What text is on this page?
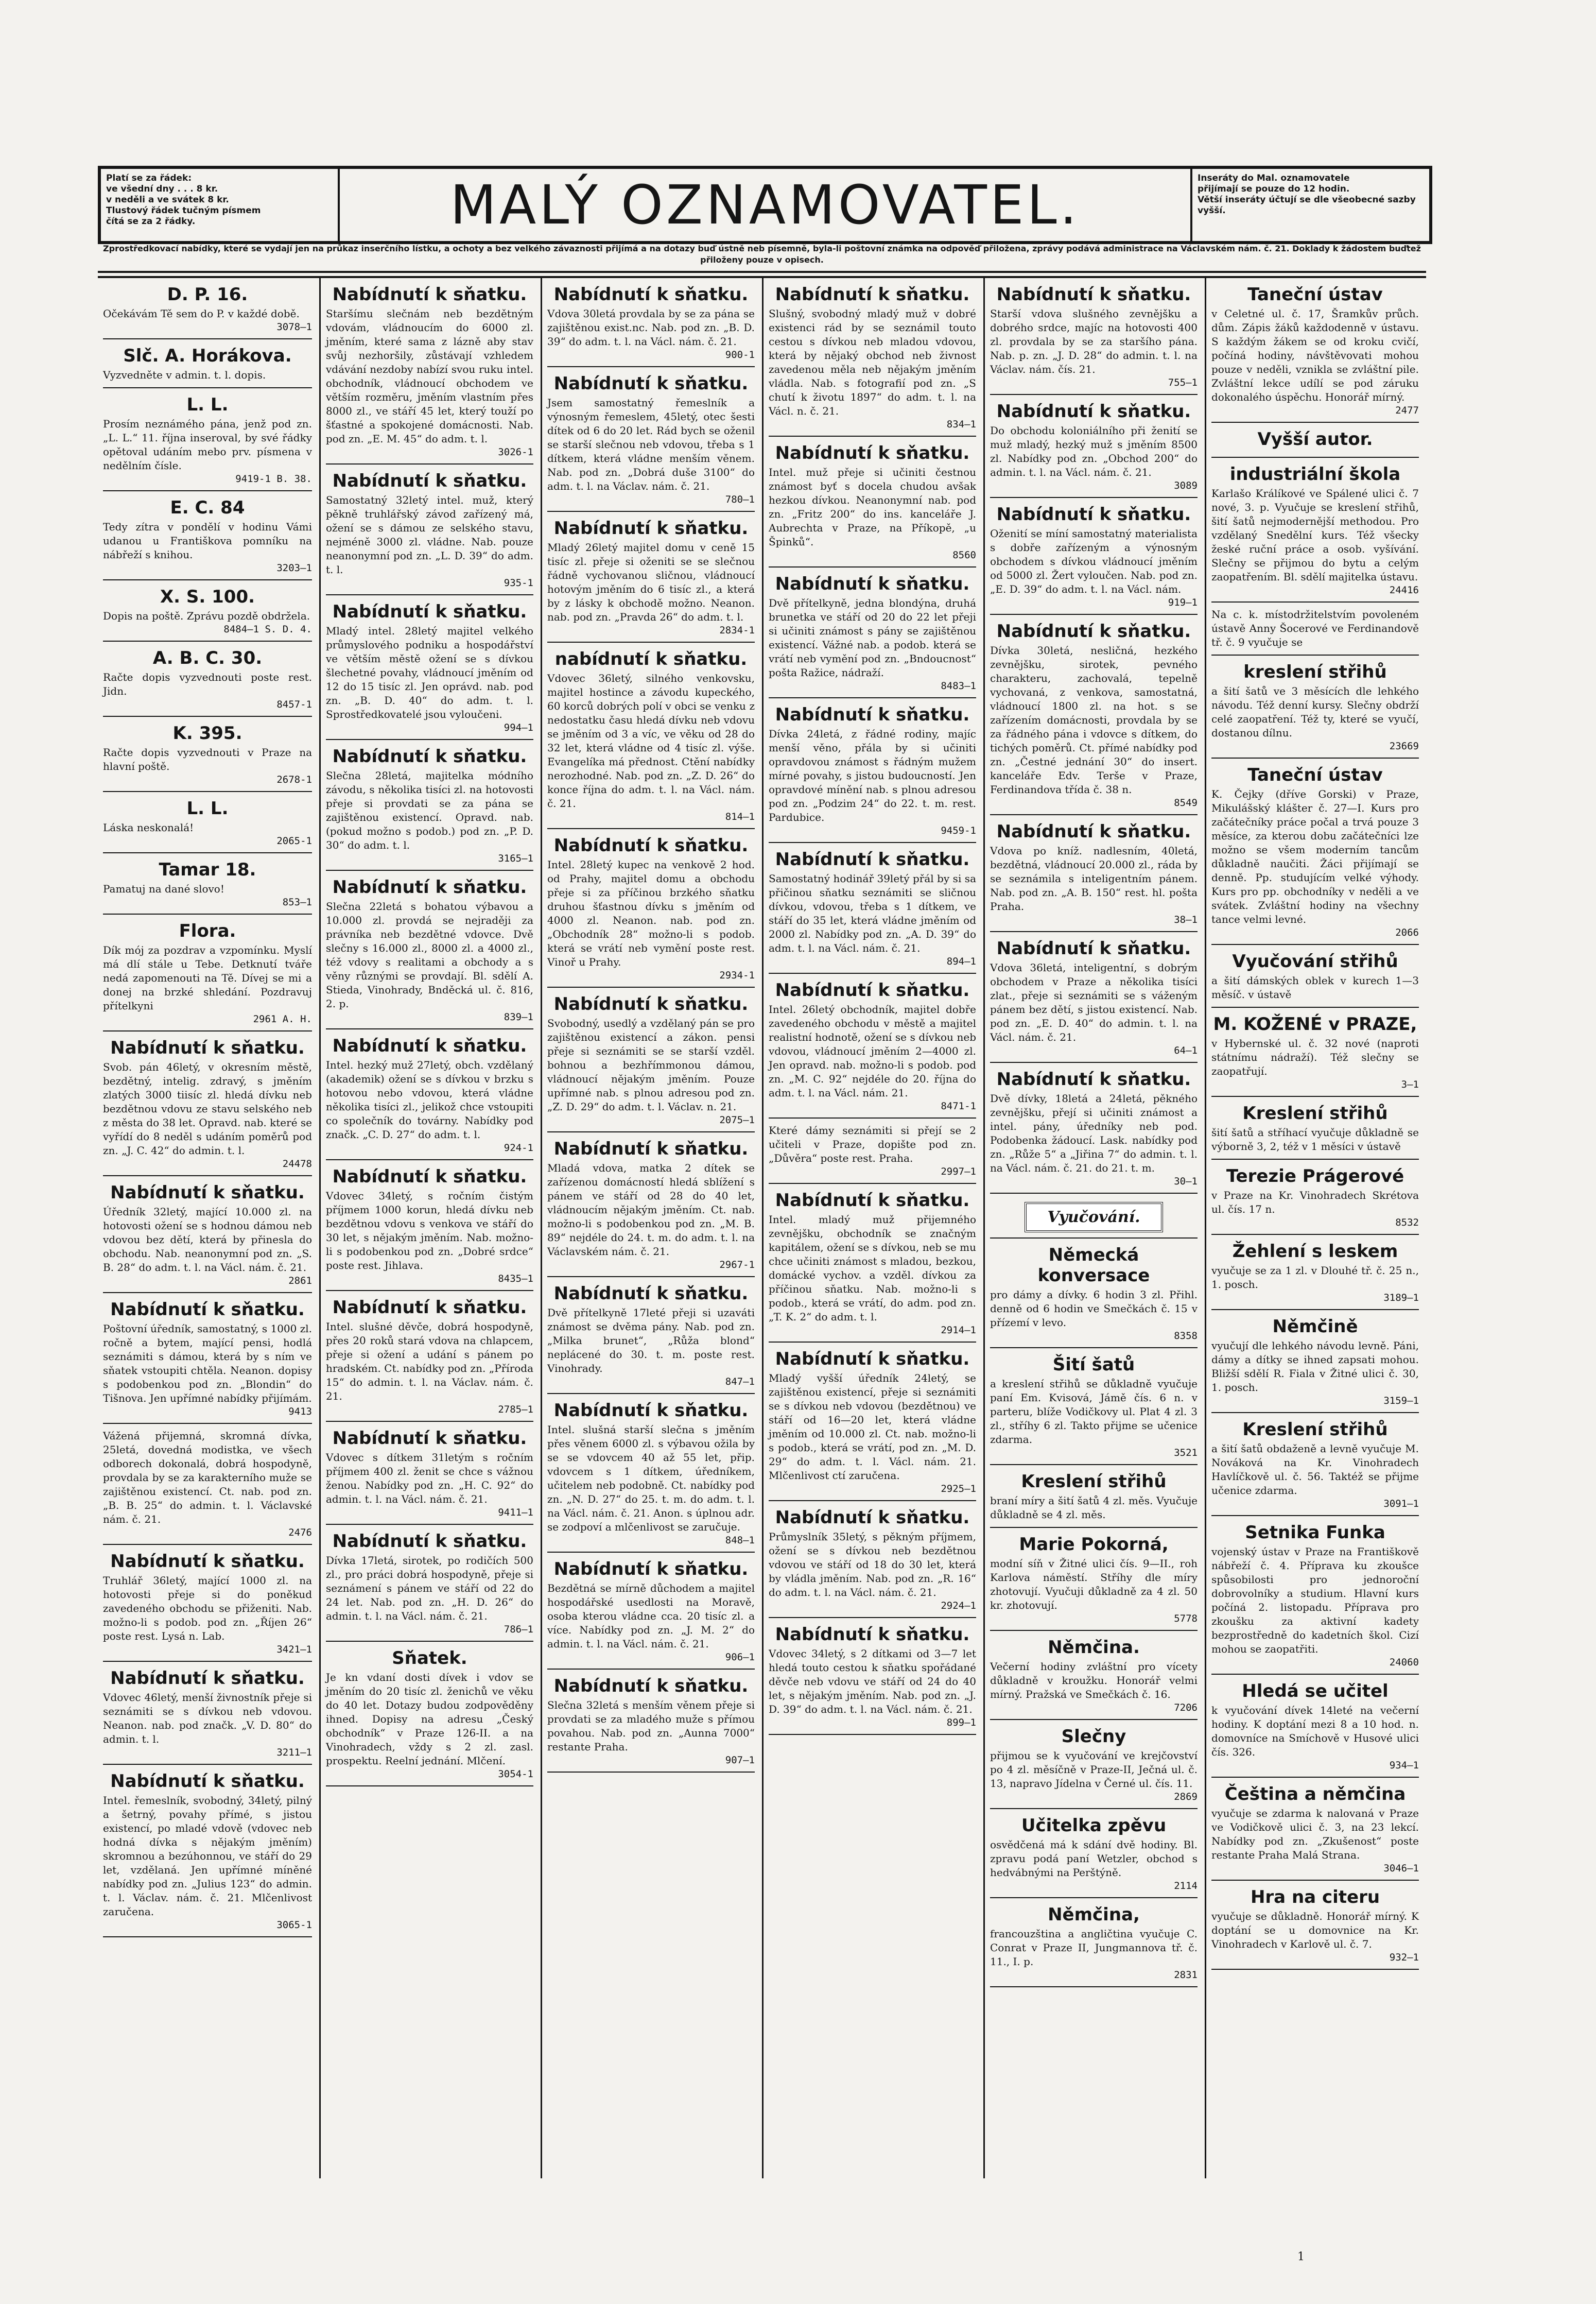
Platí se za řádek:
ve všední dny . . . 8 kr.
v neděli a ve svátek 8 kr.
Tlustový řádek tučným písmem
čítá se za 2 řádky.	MALÝ OZNAMOVATEL.	Inseráty do Mal. oznamovatele
přijímají se pouze do 12 hodin.
Větší inseráty účtují se dle všeobecné sazby vyšší.
Zprostředkovací nabídky, které se vydají jen na průkaz inserčního lístku, a ochoty a bez velkého závaznosti přijímá a na dotazy buď ústně neb písemně, byla-li poštovní známka na odpověď přiložena, zprávy podává administrace na Václavském nám. č. 21. Doklady k žádostem buďtež přiloženy pouze v opisech.
D. P. 16.
Očekávám Tě sem do P. v každé době.
3078—1
Slč. A. Horákova.
Vyzvedněte v admin. t. l. dopis.
L. L.
Prosím neznámého pána, jenž pod zn. „L. L.“ 11. října inseroval, by své řádky opětoval udáním mebo prv. písmena v nedělním čísle.
9419-1 B. 38.
E. C. 84
Tedy zítra v pondělí v hodinu Vámi udanou u Františkova pomníku na nábřeží s knihou.
3203—1
X. S. 100.
Dopis na poště. Zprávu pozdě obdržela.
8484—1 S. D. 4.
A. B. C. 30.
Račte dopis vyzvednouti poste rest. Jidn.
8457-1
K. 395.
Račte dopis vyzvednouti v Praze na hlavní poště.
2678-1
L. L.
Láska neskonalá!
2065-1
Tamar 18.
Pamatuj na dané slovo!
853—1
Flora.
Dík mój za pozdrav a vzpomínku. Myslí má dlí stále u Tebe. Detknutí tváře nedá zapomenouti na Tě. Dívej se mi a donej na brzké shledání. Pozdravuj přítelkyni
2961 A. H.
Nabídnutí k sňatku.
Svob. pán 46letý, v okresním městě, bezdětný, intelig. zdravý, s jměním zlatých 3000 tiisíc zl. hledá dívku neb bezdětnou vdovu ze stavu selského neb z města do 38 let. Opravd. nab. které se vyřídí do 8 neděl s udáním poměrů pod zn. „J. C. 42“ do admin. t. l.
24478
Nabídnutí k sňatku.
Úředník 32letý, mající 10.000 zl. na hotovosti ožení se s hodnou dámou neb vdovou bez dětí, která by přinesla do obchodu. Nab. neanonymní pod zn. „S. B. 28“ do adm. t. l. na Václ. nám. č. 21.
2861
Nabídnutí k sňatku.
Poštovní úředník, samostatný, s 1000 zl. ročně a bytem, mající pensi, hodlá seznámiti s dámou, která by s ním ve sňatek vstoupiti chtěla. Neanon. dopisy s podobenkou pod zn. „Blondin“ do Tišnova. Jen upřímné nabídky přijímám.
9413
Vážená přijemná, skromná dívka, 25letá, dovedná modistka, ve všech odborech dokonalá, dobrá hospodyně, provdala by se za karakterního muže se zajištěnou existencí. Ct. nab. pod zn. „B. B. 25“ do admin. t. l. Václavské nám. č. 21.
2476
Nabídnutí k sňatku.
Truhlář 36letý, mající 1000 zl. na hotovosti přeje si do poněkud zavedeného obchodu se přiženiti. Nab. možno-li s podob. pod zn. „Říjen 26“ poste rest. Lysá n. Lab.
3421—1
Nabídnutí k sňatku.
Vdovec 46letý, menší živnostník přeje si seznámiti se s dívkou neb vdovou. Neanon. nab. pod značk. „V. D. 80“ do admin. t. l.
3211—1
Nabídnutí k sňatku.
Intel. řemeslník, svobodný, 34letý, pilný a šetrný, povahy přímé, s jistou existencí, po mladé vdově (vdovec neb hodná dívka s nějakým jměním) skromnou a bezúhonnou, ve stáří do 29 let, vzdělaná. Jen upřímné míněné nabídky pod zn. „Julius 123“ do admin. t. l. Václav. nám. č. 21. Mlčenlivost zaručena.
3065-1
Nabídnutí k sňatku.
Staršímu slečnám neb bezdětným vdovám, vládnoucím do 6000 zl. jměním, které sama z lázně aby stav svůj nezhoršily, zůstávají vzhledem vdávání nezdoby nabízí svou ruku intel. obchodník, vládnoucí obchodem ve větším rozměru, jměním vlastním přes 8000 zl., ve stáří 45 let, který touží po šťastné a spokojené domácnosti. Nab. pod zn. „E. M. 45“ do adm. t. l.
3026-1
Nabídnutí k sňatku.
Samostatný 32letý intel. muž, který pěkně truhlářský závod zařízený má, ožení se s dámou ze selského stavu, nejméně 3000 zl. vládne. Nab. pouze neanonymní pod zn. „L. D. 39“ do adm. t. l.
935-1
Nabídnutí k sňatku.
Mladý intel. 28letý majitel velkého průmyslového podniku a hospodářství ve větším městě ožení se s dívkou šlechetné povahy, vládnoucí jměním od 12 do 15 tisíc zl. Jen oprávd. nab. pod zn. „B. D. 40“ do adm. t. l. Sprostředkovatelé jsou vyloučeni.
994—1
Nabídnutí k sňatku.
Slečna 28letá, majitelka módního závodu, s několika tisíci zl. na hotovosti přeje si provdati se za pána se zajištěnou existencí. Opravd. nab. (pokud možno s podob.) pod zn. „P. D. 30“ do adm. t. l.
3165—1
Nabídnutí k sňatku.
Slečna 22letá s bohatou výbavou a 10.000 zl. provdá se nejraději za právníka neb bezdětné vdovce. Dvě slečny s 16.000 zl., 8000 zl. a 4000 zl., též vdovy s realitami a obchody a s věny různými se provdají. Bl. sdělí A. Stieda, Vinohrady, Bnděcká ul. č. 816, 2. p.
839—1
Nabídnutí k sňatku.
Intel. hezký muž 27letý, obch. vzdělaný (akademik) ožení se s dívkou v brzku s hotovou nebo vdovou, která vládne několika tisíci zl., jelikož chce vstoupiti co společník do továrny. Nabídky pod značk. „C. D. 27“ do adm. t. l.
924-1
Nabídnutí k sňatku.
Vdovec 34letý, s ročním čistým příjmem 1000 korun, hledá dívku neb bezdětnou vdovu s venkova ve stáří do 30 let, s nějakým jměním. Nab. možno-li s podobenkou pod zn. „Dobré srdce“ poste rest. Jihlava.
8435—1
Nabídnutí k sňatku.
Intel. slušné děvče, dobrá hospodyně, přes 20 roků stará vdova na chlapcem, přeje si ožení a udání s pánem po hradském. Ct. nabídky pod zn. „Příroda 15“ do admin. t. l. na Václav. nám. č. 21.
2785—1
Nabídnutí k sňatku.
Vdovec s dítkem 31letým s ročním příjmem 400 zl. ženit se chce s vážnou ženou. Nabídky pod zn. „H. C. 92“ do admin. t. l. na Václ. nám. č. 21.
9411—1
Nabídnutí k sňatku.
Dívka 17letá, sirotek, po rodičích 500 zl., pro práci dobrá hospodyně, přeje si seznámení s pánem ve stáří od 22 do 24 let. Nab. pod zn. „H. D. 26“ do admin. t. l. na Václ. nám. č. 21.
786—1
Sňatek.
Je kn vdaní dosti dívek i vdov se jměním do 20 tisíc zl. ženichů ve věku do 40 let. Dotazy budou zodpověděny ihned. Dopisy na adresu „Český obchodník“ v Praze 126-II. a na Vinohradech, vždy s 2 zl. zasl. prospektu. Reelní jednání. Mlčení.
3054-1
Nabídnutí k sňatku.
Vdova 30letá provdala by se za pána se zajištěnou exist.nc. Nab. pod zn. „B. D. 39“ do adm. t. l. na Václ. nám. č. 21.
900-1
Nabídnutí k sňatku.
Jsem samostatný řemeslník a výnosným řemeslem, 45letý, otec šesti dítek od 6 do 20 let. Rád bych se oženil se starší slečnou neb vdovou, třeba s 1 dítkem, která vládne menším věnem. Nab. pod zn. „Dobrá duše 3100“ do adm. t. l. na Václav. nám. č. 21.
780—1
Nabídnutí k sňatku.
Mladý 26letý majitel domu v ceně 15 tisíc zl. přeje si oženiti se se slečnou řádně vychovanou sličnou, vládnoucí hotovým jměním do 6 tisíc zl., a která by z lásky k obchodě možno. Neanon. nab. pod zn. „Pravda 26“ do adm. t. l.
2834-1
nabídnutí k sňatku.
Vdovec 36letý, silného venkovsku, majitel hostince a závodu kupeckého, 60 korců dobrých polí v obci se venku z nedostatku času hledá dívku neb vdovu se jměním od 3 a víc, ve věku od 28 do 32 let, která vládne od 4 tisíc zl. výše. Evangelíka má přednost. Ctění nabídky nerozhodné. Nab. pod zn. „Z. D. 26“ do konce října do adm. t. l. na Václ. nám. č. 21.
814—1
Nabídnutí k sňatku.
Intel. 28letý kupec na venkově 2 hod. od Prahy, majitel domu a obchodu přeje si za příčinou brzkého sňatku druhou šťastnou dívku s jměním od 4000 zl. Neanon. nab. pod zn. „Obchodník 28“ možno-li s podob. která se vrátí neb vymění poste rest. Vinoř u Prahy.
2934-1
Nabídnutí k sňatku.
Svobodný, usedlý a vzdělaný pán se pro zajištěnou existencí a zákon. pensi přeje si seznámiti se se starší vzděl. bohnou a bezhřímmonou dámou, vládnoucí nějakým jměním. Pouze upřímné nab. s plnou adresou pod zn. „Z. D. 29“ do adm. t. l. Václav. n. 21.
2075—1
Nabídnutí k sňatku.
Mladá vdova, matka 2 dítek se zařízenou domácností hledá sblížení s pánem ve stáří od 28 do 40 let, vládnoucím nějakým jměním. Ct. nab. možno-li s podobenkou pod zn. „M. B. 89“ nejdéle do 24. t. m. do adm. t. l. na Václavském nám. č. 21.
2967-1
Nabídnutí k sňatku.
Dvě přítelkyně 17leté přeji si uzaváti známost se dvěma pány. Nab. pod zn. „Milka brunet“, „Růža blond“ neplácené do 30. t. m. poste rest. Vinohrady.
847—1
Nabídnutí k sňatku.
Intel. slušná starší slečna s jměním přes věnem 6000 zl. s výbavou ožila by se se vdovcem 40 až 55 let, přip. vdovcem s 1 dítkem, úředníkem, učitelem neb podobně. Ct. nabídky pod zn. „N. D. 27“ do 25. t. m. do adm. t. l. na Václ. nám. č. 21. Anon. s úplnou adr. se zodpoví a mlčenlivost se zaručuje.
848—1
Nabídnutí k sňatku.
Bezdětná se mírně důchodem a majitel hospodářské usedlosti na Moravě, osoba kterou vládne cca. 20 tisíc zl. a více. Nabídky pod zn. „J. M. 2“ do admin. t. l. na Václ. nám. č. 21.
906—1
Nabídnutí k sňatku.
Slečna 32letá s menším věnem přeje si provdati se za mladého muže s přímou povahou. Nab. pod zn. „Aunna 7000“ restante Praha.
907—1
Nabídnutí k sňatku.
Slušný, svobodný mladý muž v dobré existenci rád by se seznámil touto cestou s dívkou neb mladou vdovou, která by nějaký obchod neb živnost zavedenou měla neb nějakým jměním vládla. Nab. s fotografií pod zn. „S chutí k životu 1897“ do adm. t. l. na Václ. n. č. 21.
834—1
Nabídnutí k sňatku.
Intel. muž přeje si učiniti čestnou známost byť s docela chudou avšak hezkou dívkou. Neanonymní nab. pod zn. „Fritz 200“ do ins. kanceláře J. Aubrechta v Praze, na Příkopě, „u Špinků“.
8560
Nabídnutí k sňatku.
Dvě přítelkyně, jedna blondýna, druhá brunetka ve stáří od 20 do 22 let přeji si učiniti známost s pány se zajištěnou existencí. Vážné nab. a podob. která se vrátí neb vymění pod zn. „Bndoucnost“ pošta Ražice, nádraží.
8483—1
Nabídnutí k sňatku.
Dívka 24letá, z řádné rodiny, majíc menší věno, přála by si učiniti opravdovou známost s řádným mužem mírné povahy, s jistou budoucností. Jen opravdové mínění nab. s plnou adresou pod zn. „Podzim 24“ do 22. t. m. rest. Pardubice.
9459-1
Nabídnutí k sňatku.
Samostatný hodinář 39letý přál by si sa přičinou sňatku seznámiti se sličnou dívkou, vdovou, třeba s 1 dítkem, ve stáří do 35 let, která vládne jměním od 2000 zl. Nabídky pod zn. „A. D. 39“ do adm. t. l. na Václ. nám. č. 21.
894—1
Nabídnutí k sňatku.
Intel. 26letý obchodník, majitel dobře zavedeného obchodu v městě a majitel realistní hodnotě, ožení se s dívkou neb vdovou, vládnoucí jměním 2—4000 zl. Jen opravd. nab. možno-li s podob. pod zn. „M. C. 92“ nejdéle do 20. října do adm. t. l. na Václ. nám. 21.
8471-1
Které dámy seznámiti si přejí se 2 učiteli v Praze, dopište pod zn. „Důvěra“ poste rest. Praha.
2997—1
Nabídnutí k sňatku.
Intel. mladý muž přijemného zevnějšku, obchodník se značným kapitálem, ožení se s dívkou, neb se mu chce učiniti známost s mladou, bezkou, domácké vychov. a vzděl. dívkou za příčinou sňatku. Nab. možno-li s podob., která se vrátí, do adm. pod zn. „T. K. 2“ do adm. t. l.
2914—1
Nabídnutí k sňatku.
Mladý vyšší úředník 24letý, se zajištěnou existencí, přeje si seznámiti se s dívkou neb vdovou (bezdětnou) ve stáří od 16—20 let, která vládne jměním od 10.000 zl. Ct. nab. možno-li s podob., která se vrátí, pod zn. „M. D. 29“ do adm. t. l. Václ. nám. 21. Mlčenlivost ctí zaručena.
2925—1
Nabídnutí k sňatku.
Průmyslník 35letý, s pěkným příjmem, ožení se s dívkou neb bezdětnou vdovou ve stáří od 18 do 30 let, která by vládla jměním. Nab. pod zn. „R. 16“ do adm. t. l. na Václ. nám. č. 21.
2924—1
Nabídnutí k sňatku.
Vdovec 34letý, s 2 dítkami od 3—7 let hledá touto cestou k sňatku spořádané děvče neb vdovu ve stáří od 24 do 40 let, s nějakým jměním. Nab. pod zn. „J. D. 39“ do adm. t. l. na Václ. nám. č. 21.
899—1
Nabídnutí k sňatku.
Starší vdova slušného zevnějšku a dobrého srdce, majíc na hotovosti 400 zl. provdala by se za staršího pána. Nab. p. zn. „J. D. 28“ do admin. t. l. na Václav. nám. čís. 21.
755—1
Nabídnutí k sňatku.
Do obchodu koloniálního při ženití se muž mladý, hezký muž s jměním 8500 zl. Nabídky pod zn. „Obchod 200“ do admin. t. l. na Václ. nám. č. 21.
3089
Nabídnutí k sňatku.
Oženití se míní samostatný materialista s dobře zařízeným a výnosným obchodem s dívkou vládnoucí jměním od 5000 zl. Žert vyloučen. Nab. pod zn. „E. D. 39“ do adm. t. l. na Václ. nám.
919—1
Nabídnutí k sňatku.
Dívka 30letá, nesličná, hezkého zevnějšku, sirotek, pevného charakteru, zachovalá, tepelně vychovaná, z venkova, samostatná, vládnoucí 1800 zl. na hot. s se zařízením domácnosti, provdala by se za řádného pána i vdovce s dítkem, do tichých poměrů. Ct. přímé nabídky pod zn. „Čestné jednání 30“ do insert. kanceláře Edv. Terše v Praze, Ferdinandova třída č. 38 n.
8549
Nabídnutí k sňatku.
Vdova po kníž. nadlesním, 40letá, bezdětná, vládnoucí 20.000 zl., ráda by se seznámila s inteligentním pánem. Nab. pod zn. „A. B. 150“ rest. hl. pošta Praha.
38—1
Nabídnutí k sňatku.
Vdova 36letá, inteligentní, s dobrým obchodem v Praze a několika tisíci zlat., přeje si seznámiti se s váženým pánem bez dětí, s jistou existencí. Nab. pod zn. „E. D. 40“ do admin. t. l. na Václ. nám. č. 21.
64—1
Nabídnutí k sňatku.
Dvě dívky, 18letá a 24letá, pěkného zevnějšku, přejí si učiniti známost a intel. pány, úředníky neb pod. Podobenka žádoucí. Lask. nabídky pod zn. „Růže 5“ a „Jiřina 7“ do admin. t. l. na Václ. nám. č. 21. do 21. t. m.
30—1
Vyučování.
Německá konversace
pro dámy a dívky. 6 hodin 3 zl. Přihl. denně od 6 hodin ve Smečkách č. 15 v přízemí v levo.
8358
Šití šatů
a kreslení střihů se důkladně vyučuje paní Em. Kvisová, Jámě čís. 6 n. v parteru, blíže Vodičkovy ul. Plat 4 zl. 3 zl., stříhy 6 zl. Takto přijme se učenice zdarma.
3521
Kreslení střihů
braní míry a šití šatů 4 zl. měs. Vyučuje důkladně se 4 zl. měs.
Marie Pokorná,
modní síň v Žitné ulici čís. 9—II., roh Karlova náměstí. Stříhy dle míry zhotovují. Vyučuji důkladně za 4 zl. 50 kr. zhotovují.
5778
Němčina.
Večerní hodiny zvláštní pro vícety důkladně v kroužku. Honorář velmi mírný. Pražská ve Smečkách č. 16.
7206
Slečny
přijmou se k vyučování ve krejčovství po 4 zl. měsíčně v Praze-II, Ječná ul. č. 13, napravo Jídelna v Černé ul. čís. 11.
2869
Učitelka zpěvu
osvědčená má k sdání dvě hodiny. Bl. zpravu podá paní Wetzler, obchod s hedvábnými na Perštýně.
2114
Němčina,
francouzština a angličtina vyučuje C. Conrat v Praze II, Jungmannova tř. č. 11., I. p.
2831
Taneční ústav
v Celetné ul. č. 17, Šramkův průch. dům. Zápis žáků každodenně v ústavu. S každým žákem se od kroku cvičí, počíná hodiny, návštěvovati mohou pouze v neděli, vznikla se zvláštní pile. Zvláštní lekce udílí se pod záruku dokonalého úspěchu. Honorář mírný.
2477
Vyšší autor.
industriální škola
Karlašo Králíkové ve Spálené ulici č. 7 nové, 3. p. Vyučuje se kreslení střihů, šití šatů nejmodernější methodou. Pro vzdělaný Snedělní kurs. Též všecky žeské ruční práce a osob. vyšívání. Slečny se přijmou do bytu a celým zaopatřením. Bl. sdělí majitelka ústavu.
24416
Na c. k. místodržitelstvím povoleném ústavě Anny Šocerové ve Ferdinandově tř. č. 9 vyučuje se
kreslení střihů
a šití šatů ve 3 měsících dle lehkého návodu. Též denní kursy. Slečny obdrží celé zaopatření. Též ty, které se vyučí, dostanou dílnu.
23669
Taneční ústav
K. Čejky (dříve Gorski) v Praze, Mikulášský klášter č. 27—I. Kurs pro začátečníky práce počal a trvá pouze 3 měsíce, za kterou dobu začátečníci lze možno se všem moderním tancům důkladně naučiti. Žáci přijímají se denně. Pp. studujícím velké výhody. Kurs pro pp. obchodníky v neděli a ve svátek. Zvláštní hodiny na všechny tance velmi levné.
2066
Vyučování střihů
a šití dámských oblek v kurech 1—3 měsíč. v ústavě
M. KOŽENÉ v PRAZE,
v Hybernské ul. č. 32 nové (naproti státnímu nádraží). Též slečny se zaopatřují.
3—1
Kreslení střihů
šití šatů a stříhací vyučuje důkladně se výborně 3, 2, též v 1 měsíci v ústavě
Terezie Prágerové
v Praze na Kr. Vinohradech Skrétova ul. čís. 17 n.
8532
Žehlení s leskem
vyučuje se za 1 zl. v Dlouhé tř. č. 25 n., 1. posch.
3189—1
Němčině
vyučují dle lehkého návodu levně. Páni, dámy a dítky se ihned zapsati mohou. Bližší sdělí R. Fiala v Žitné ulici č. 30, 1. posch.
3159—1
Kreslení střihů
a šití šatů obdaženě a levně vyučuje M. Nováková na Kr. Vinohradech Havlíčkově ul. č. 56. Taktéž se přijme učenice zdarma.
3091—1
Setnika Funka
vojenský ústav v Praze na Františkově nábřeží č. 4. Příprava ku zkoušce spůsobilosti pro jednoroční dobrovolníky a studium. Hlavní kurs počíná 2. listopadu. Příprava pro zkoušku za aktivní kadety bezprostředně do kadetních škol. Cizí mohou se zaopatřiti.
24060
Hledá se učitel
k vyučování dívek 14leté na večerní hodiny. K doptání mezi 8 a 10 hod. n. domovníce na Smíchově v Husové ulici čís. 326.
934—1
Čeština a němčina
vyučuje se zdarma k nalovaná v Praze ve Vodičkově ulici č. 3, na 23 lekcí. Nabídky pod zn. „Zkušenost“ poste restante Praha Malá Strana.
3046—1
Hra na citeru
vyučuje se důkladně. Honorář mírný. K doptání se u domovnice na Kr. Vinohradech v Karlově ul. č. 7.
932—1
1
